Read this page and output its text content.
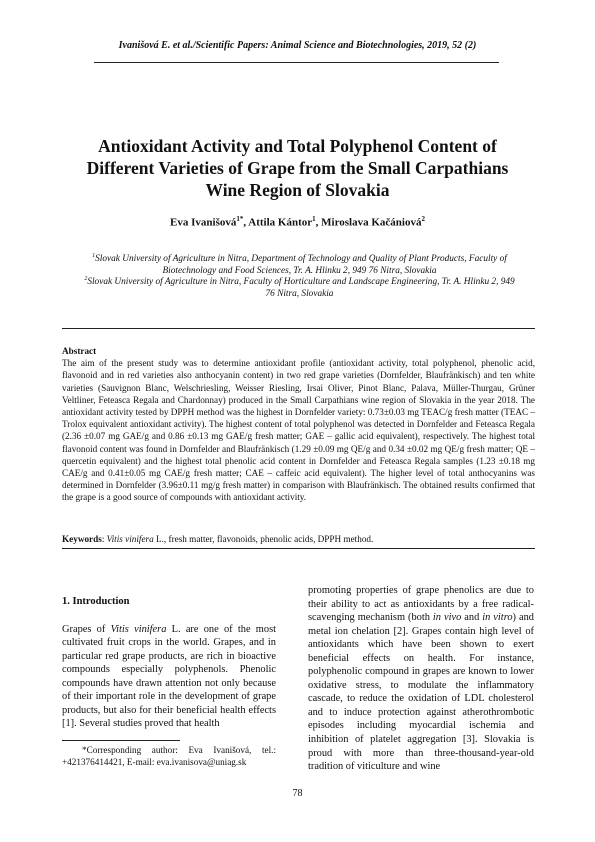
Ivanišová E. et al./Scientific Papers: Animal Science and Biotechnologies, 2019, 52 (2)
Antioxidant Activity and Total Polyphenol Content of
Different Varieties of Grape from the Small Carpathians
Wine Region of Slovakia
Eva Ivanišová$^{1*}$, Attila Kántor$^1$, Miroslava Kačániová$^2$
$^1$Slovak University of Agriculture in Nitra, Department of Technology and Quality of Plant Products, Faculty of
Biotechnology and Food Sciences, Tr. A. Hlinku 2, 949 76 Nitra, Slovakia
$^2$Slovak University of Agriculture in Nitra, Faculty of Horticulture and Landscape Engineering, Tr. A. Hlinku 2, 949
76 Nitra, Slovakia
Abstract
The aim of the present study was to determine antioxidant profile (antioxidant activity, total polyphenol, phenolic acid, flavonoid and in red varieties also anthocyanin content) in two red grape varieties (Dornfelder, Blaufränkisch) and ten white varieties (Sauvignon Blanc, Welschriesling, Weisser Riesling, Irsai Oliver, Pinot Blanc, Palava, Müller-Thurgau, Grüner Veltliner, Feteasca Regala and Chardonnay) produced in the Small Carpathians wine region of Slovakia in the year 2018. The antioxidant activity tested by DPPH method was the highest in Dornfelder variety: 0.73±0.03 mg TEAC/g fresh matter (TEAC – Trolox equivalent antioxidant activity). The highest content of total polyphenol was detected in Dornfelder and Feteasca Regala (2.36 ±0.07 mg GAE/g and 0.86 ±0.13 mg GAE/g fresh matter; GAE – gallic acid equivalent), respectively. The highest total flavonoid content was found in Dornfelder and Blaufränkisch (1.29 ±0.09 mg QE/g and 0.34 ±0.02 mg QE/g fresh matter; QE – quercetin equivalent) and the highest total phenolic acid content in Dornfelder and Feteasca Regala samples (1.23 ±0.18 mg CAE/g and 0.41±0.05 mg CAE/g fresh matter; CAE – caffeic acid equivalent). The higher level of total anthocyanins was determined in Dornfelder (3.96±0.11 mg/g fresh matter) in comparison with Blaufränkisch. The obtained results confirmed that the grape is a good source of compounds with antioxidant activity.
Keywords: Vitis vinifera L., fresh matter, flavonoids, phenolic acids, DPPH method.
1. Introduction
Grapes of Vitis vinifera L. are one of the most cultivated fruit crops in the world. Grapes, and in particular red grape products, are rich in bioactive compounds especially polyphenols. Phenolic compounds have drawn attention not only because of their important role in the development of grape products, but also for their beneficial health effects [1]. Several studies proved that health
promoting properties of grape phenolics are due to their ability to act as antioxidants by a free radical-scavenging mechanism (both in vivo and in vitro) and metal ion chelation [2]. Grapes contain high level of antioxidants which have been shown to exert beneficial effects on health. For instance, polyphenolic compound in grapes are known to lower oxidative stress, to modulate the inflammatory cascade, to reduce the oxidation of LDL cholesterol and to induce protection against atherothrombotic episodes including myocardial ischemia and inhibition of platelet aggregation [3]. Slovakia is proud with more than three-thousand-year-old tradition of viticulture and wine
*Corresponding author: Eva Ivanišová, tel.: +421376414421, E-mail: eva.ivanisova@uniag.sk
78
